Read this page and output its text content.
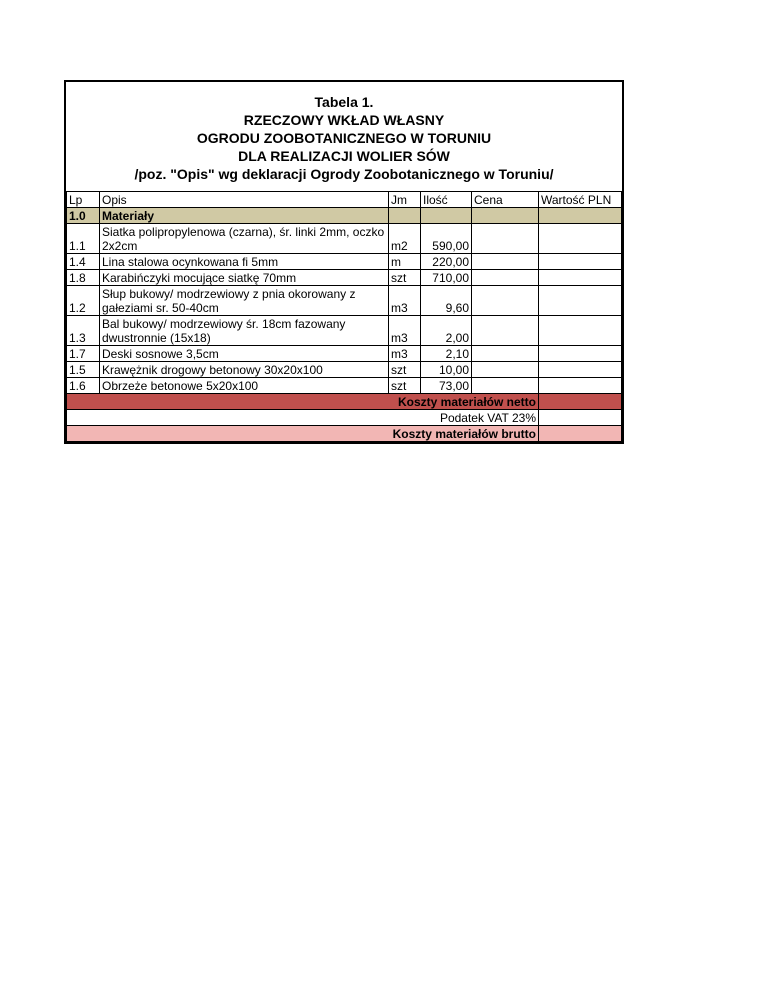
Tabela 1.
RZECZOWY WKŁAD WŁASNY
OGRODU ZOOBOTANICZNEGO W TORUNIU
DLA REALIZACJI WOLIER SÓW
/poz. "Opis" wg deklaracji Ogrody Zoobotanicznego w Toruniu/
Lp	Opis	Jm	Ilość	Cena	Wartość PLN
1.0	Materiały				
1.1	Siatka polipropylenowa (czarna), śr. linki 2mm, oczko 2x2cm	m2	590,00		
1.4	Lina stalowa ocynkowana fi 5mm	m	220,00		
1.8	Karabińczyki mocujące siatkę 70mm	szt	710,00		
1.2	Słup bukowy/ modrzewiowy z pnia okorowany z gałeziami sr. 50-40cm	m3	9,60		
1.3	Bal bukowy/ modrzewiowy śr. 18cm fazowany dwustronnie (15x18)	m3	2,00		
1.7	Deski sosnowe 3,5cm	m3	2,10		
1.5	Krawężnik drogowy betonowy 30x20x100	szt	10,00		
1.6	Obrzeże betonowe 5x20x100	szt	73,00		
Koszty materiałów netto					
Podatek VAT 23%					
Koszty materiałów brutto					
